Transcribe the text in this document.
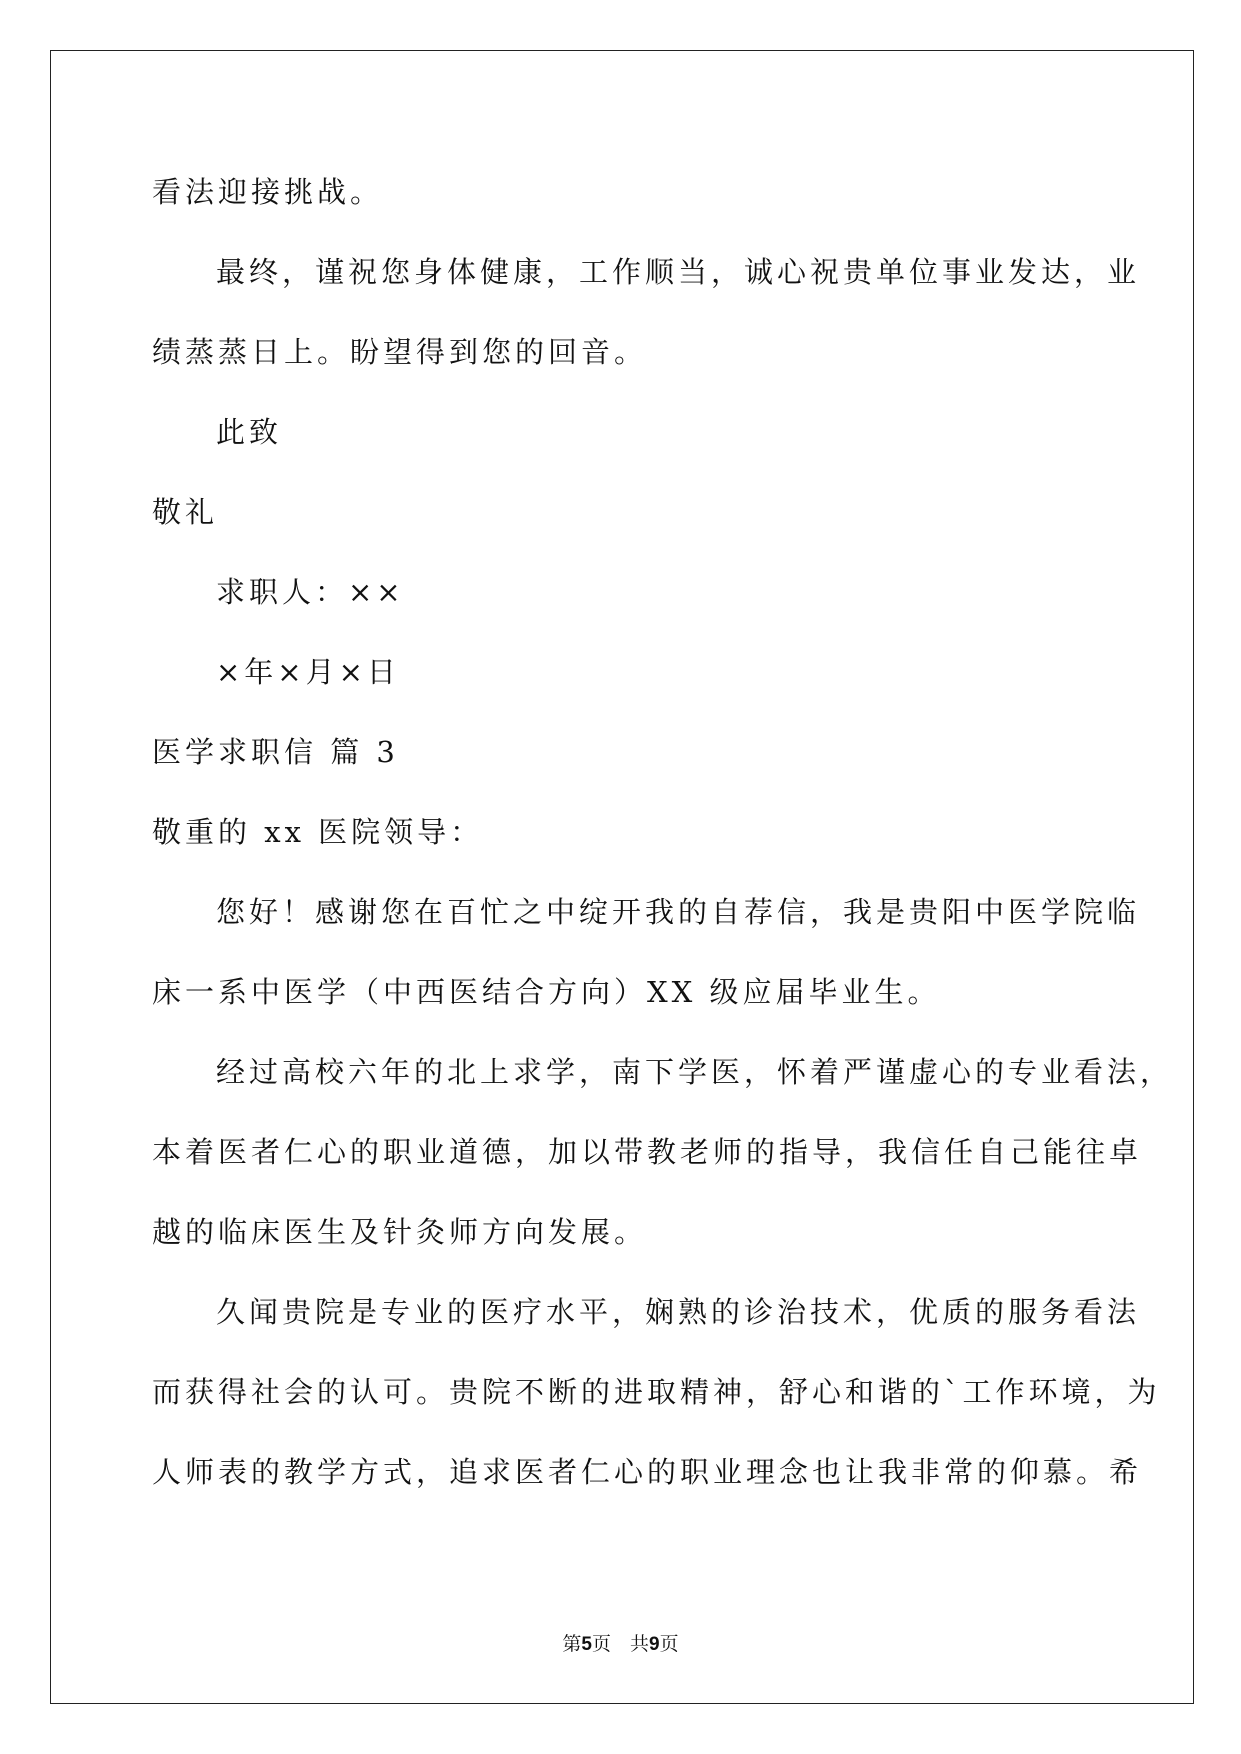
看法迎接挑战。
最终，谨祝您身体健康，工作顺当，诚心祝贵单位事业发达，业
绩蒸蒸日上。盼望得到您的回音。
此致
敬礼
求职人：××
×年×月×日
医学求职信 篇 3
敬重的 xx 医院领导：
您好！感谢您在百忙之中绽开我的自荐信，我是贵阳中医学院临
床一系中医学（中西医结合方向）XX 级应届毕业生。
经过高校六年的北上求学，南下学医，怀着严谨虚心的专业看法，
本着医者仁心的职业道德，加以带教老师的指导，我信任自己能往卓
越的临床医生及针灸师方向发展。
久闻贵院是专业的医疗水平，娴熟的诊治技术，优质的服务看法
而获得社会的认可。贵院不断的进取精神，舒心和谐的`工作环境，为
人师表的教学方式，追求医者仁心的职业理念也让我非常的仰慕。希
第5页　共9页
